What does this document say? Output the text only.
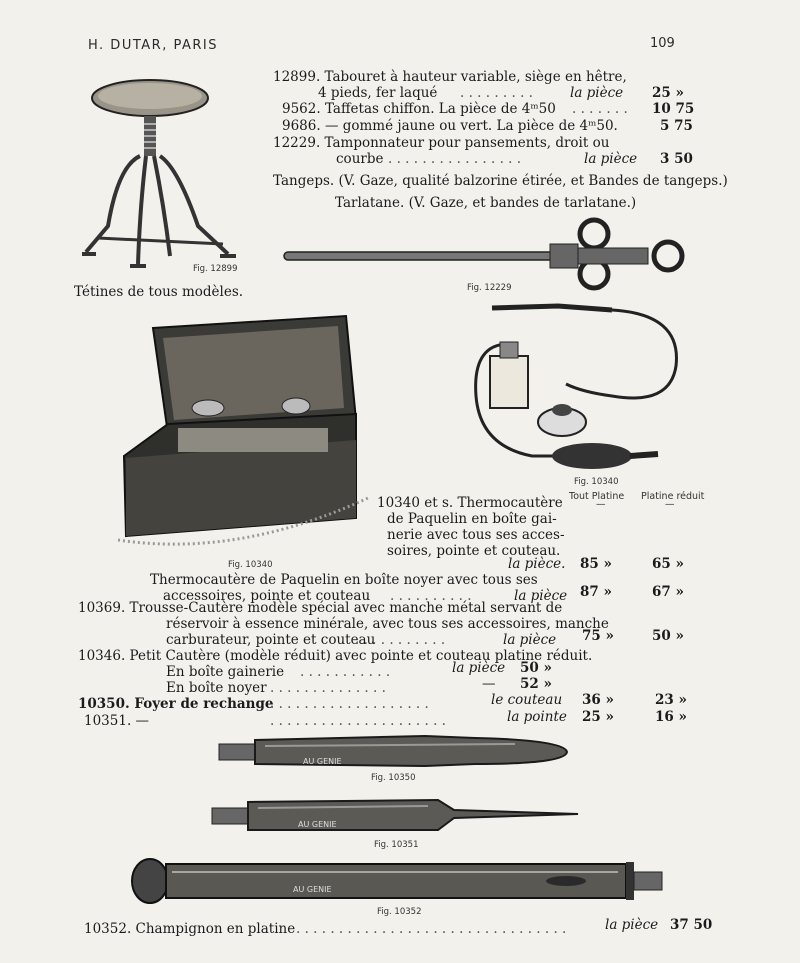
H. DUTAR, PARIS	109
Fig. 12899
12899. Tabouret à hauteur variable, siège en hêtre,
4 pieds, fer laqué . . . . . . . . .	la pièce 25 »
9562. Taffetas chiffon. La pièce de 4ᵐ50 . . . . . . . 10 75
9686. — gommé jaune ou vert. La pièce de 4ᵐ50.	5 75
12229. Tamponnateur pour pansements, droit ou
courbe . . . . . . . . . . . . . . . .	la pièce 3 50
Tangeps. (V. Gaze, qualité balzorine étirée, et Bandes de tangeps.)
Tarlatane. (V. Gaze, et bandes de tarlatane.)
Fig. 12229
Tétines de tous modèles.
Fig. 10340
Fig. 10340
Tout Platine Platine réduit
—	—
10340 et s. Thermocautère
de Paquelin en boîte gai-
nerie avec tous ses acces-
soires, pointe et couteau.
la pièce. 85 »	65 »
Thermocautère de Paquelin en boîte noyer avec tous ses
accessoires, pointe et couteau . . . . . . . . . .	la pièce 87 »	67 »
10369. Trousse-Cautère modèle spécial avec manche métal servant de
réservoir à essence minérale, avec tous ses accessoires, manche
carburateur, pointe et couteau
. . . . . . . . . . .	la pièce 75 »	50 »
10346. Petit Cautère (modèle réduit) avec pointe et couteau platine réduit.
En boîte gainerie . . . . . . . . . . .	la pièce 50 »
En boîte noyer . . . . . . . . . . . . . .	— 52 »
10350. Foyer de rechange
. . . . . . . . . . . . . . . . . . .	le couteau 36 »	23 »
10351. —	. . . . . . . . . . . . . . . . . . . . .	la pointe 25 »	16 »
AU GENIE
Fig. 10350
AU GENIE
Fig. 10351
AU GENIE
Fig. 10352
10352. Champignon en platine . . . . . . . . . . . . . . . . . . . . . . . . . . . . . . . .	la pièce 37 50
